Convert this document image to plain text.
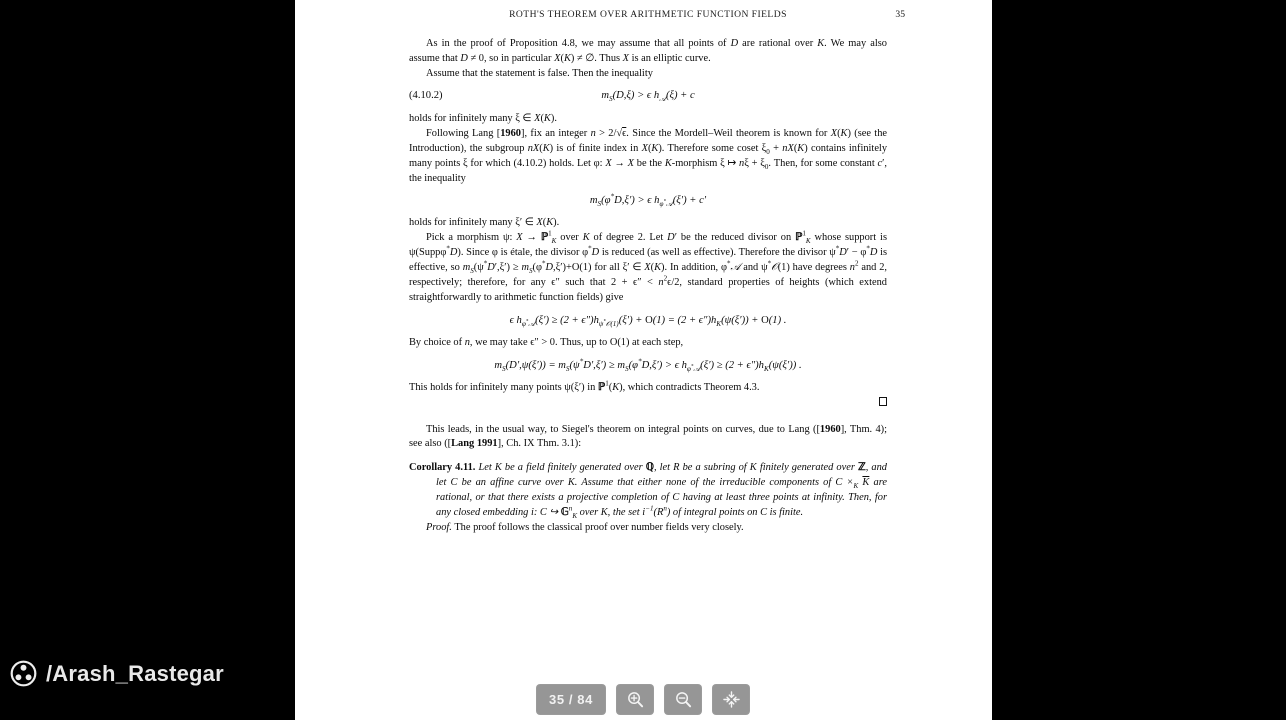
ROTH'S THEOREM OVER ARITHMETIC FUNCTION FIELDS	35

As in the proof of Proposition 4.8, we may assume that all points of D are rational over K. We may also assume that D ≠ 0, so in particular X(K) ≠ ∅. Thus X is an elliptic curve.

Assume that the statement is false. Then the inequality

(4.10.2)	$m_S(D,\xi) > \epsilon$ $h_𝒜(\xi) + c$

holds for infinitely many ξ ∈ X(K).

Following Lang [1960], fix an integer n > 2/√ϵ. Since the Mordell–Weil theorem is known for X(K) (see the Introduction), the subgroup nX(K) is of finite index in X(K). Therefore some coset $\xi_0 + nX(K)$ contains infinitely many points ξ for which (4.10.2) holds. Let φ: X → X be the K-morphism ξ ↦ $n\xi + \xi_0$. Then, for some constant c′, the inequality

$m_S(\varphi^*D,\xi') > \epsilon$ $h_{\varphi^*𝒜}(\xi') + c'$

holds for infinitely many ξ′ ∈ X(K).

Pick a morphism ψ: X → ℙ$^1_K$ over K of degree 2. Let D′ be the reduced divisor on ℙ$^1_K$ whose support is ψ(Suppφ*D). Since φ is étale, the divisor φ*D is reduced (as well as effective). Therefore the divisor ψ*D′ − φ*D is effective, so $m_S(\psi^*D',\xi') \ge m_S(\varphi^*D,\xi')+O(1)$ for all ξ′ ∈ X(K). In addition, φ*𝒜 and ψ*𝒪(1) have degrees $n^2$ and 2, respectively; therefore, for any ϵ″ such that $2 + \epsilon'' < n^2\epsilon/2$, standard properties of heights (which extend straightforwardly to arithmetic function fields) give

ϵ $h_{\varphi^*𝒜}(\xi') \ge (2 + \epsilon'')h_{\psi^*𝒪(1)}(\xi') + O(1) = (2 + \epsilon'')h_K(\psi(\xi')) + O(1)$ .

By choice of n, we may take ϵ″ > 0. Thus, up to O(1) at each step,

$m_S(D',\psi(\xi')) = m_S(\psi^*D',\xi') \ge m_S(\varphi^*D,\xi') > \epsilon$ $h_{\varphi^*𝒜}(\xi') \ge (2 + \epsilon'')h_K(\psi(\xi'))$ .

This holds for infinitely many points ψ(ξ′) in ℙ$^1$(K), which contradicts Theorem 4.3.

This leads, in the usual way, to Siegel's theorem on integral points on curves, due to Lang ([1960], Thm. 4); see also ([Lang 1991], Ch. IX Thm. 3.1):

Corollary 4.11. Let K be a field finitely generated over ℚ, let R be a subring of K finitely generated over ℤ, and let C be an affine curve over K. Assume that either none of the irreducible components of $C \times_K$ $\overline{K}$ are rational, or that there exists a projective completion of C having at least three points at infinity. Then, for any closed embedding i: C ↪ 𝔾$^n_K$ over K, the set $i^{-1}(R^n)$ of integral points on C is finite.

Proof. The proof follows the classical proof over number fields very closely.

/Arash_Rastegar
35 / 84
